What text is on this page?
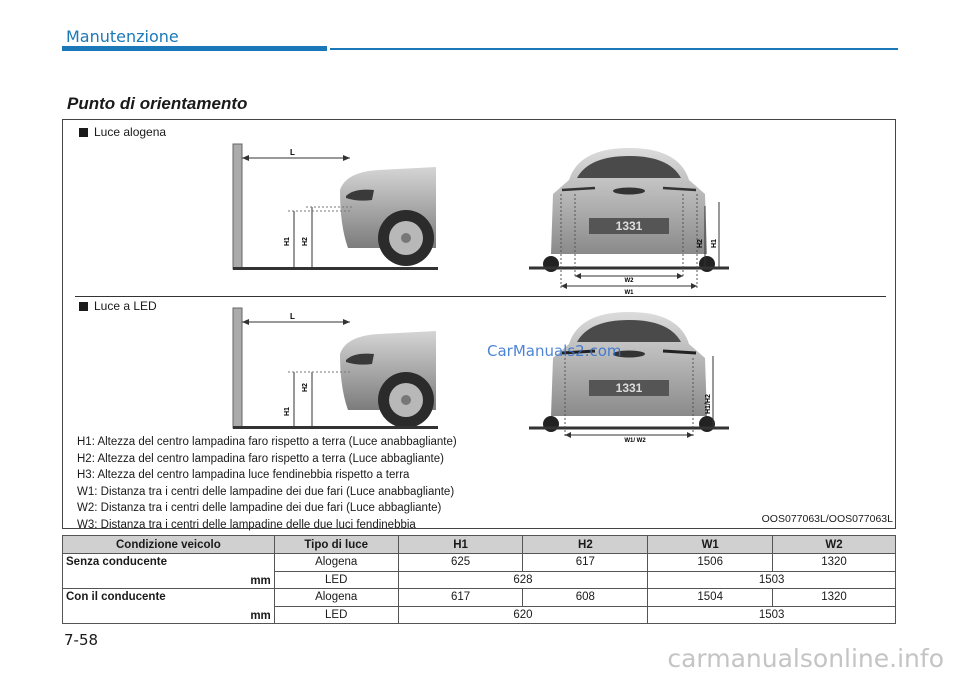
Manutenzione
Punto di orientamento
Luce alogena
L
H1 H2
1331
W2
W1
H2 H1
Luce a LED
L
H1
H2	1331
W1/ W2
H1/H2
CarManuals2.com
H1: Altezza del centro lampadina faro rispetto a terra (Luce anabbagliante)
H2: Altezza del centro lampadina faro rispetto a terra (Luce abbagliante)
H3: Altezza del centro lampadina luce fendinebbia rispetto a terra
W1: Distanza tra i centri delle lampadine dei due fari (Luce anabbagliante)
W2: Distanza tra i centri delle lampadine dei due fari (Luce abbagliante)
W3: Distanza tra i centri delle lampadine delle due luci fendinebbia	OOS077063L/OOS077063L
Condizione veicolo	Tipo di luce	H1	H2	W1	W2
Senza conducente
mm	Alogena	625	617	1506	1320
	LED	628		1503	
Con il conducente
mm	Alogena	617	608	1504	1320
	LED	620		1503	
7-58
carmanualsonline.info
